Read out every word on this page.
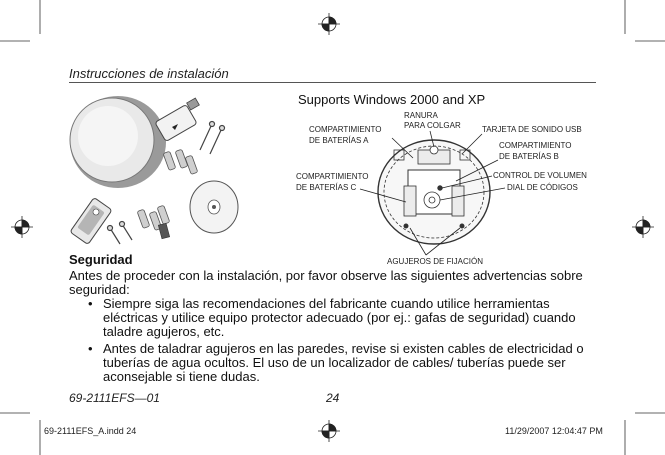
Instrucciones de instalación
Supports Windows 2000 and XP
RANURA
PARA COLGAR
COMPARTIMIENTO
DE BATERÍAS A
TARJETA DE SONIDO USB
COMPARTIMIENTO
DE BATERÍAS B
COMPARTIMIENTO
DE BATERÍAS C
CONTROL DE VOLUMEN
DIAL DE CÓDIGOS
AGUJEROS DE FIJACIÓN
Seguridad
Antes de proceder con la instalación, por favor observe las siguientes advertencias sobre seguridad:
• Siempre siga las recomendaciones del fabricante cuando utilice herramientas eléctricas y utilice equipo protector adecuado (por ej.: gafas de seguridad) cuando taladre agujeros, etc.
• Antes de taladrar agujeros en las paredes, revise si existen cables de electricidad o tuberías de agua ocultos. El uso de un localizador de cables/ tuberías puede ser aconsejable si tiene dudas.
69-2111EFS—01	24
69-2111EFS_A.indd 24	11/29/2007 12:04:47 PM
